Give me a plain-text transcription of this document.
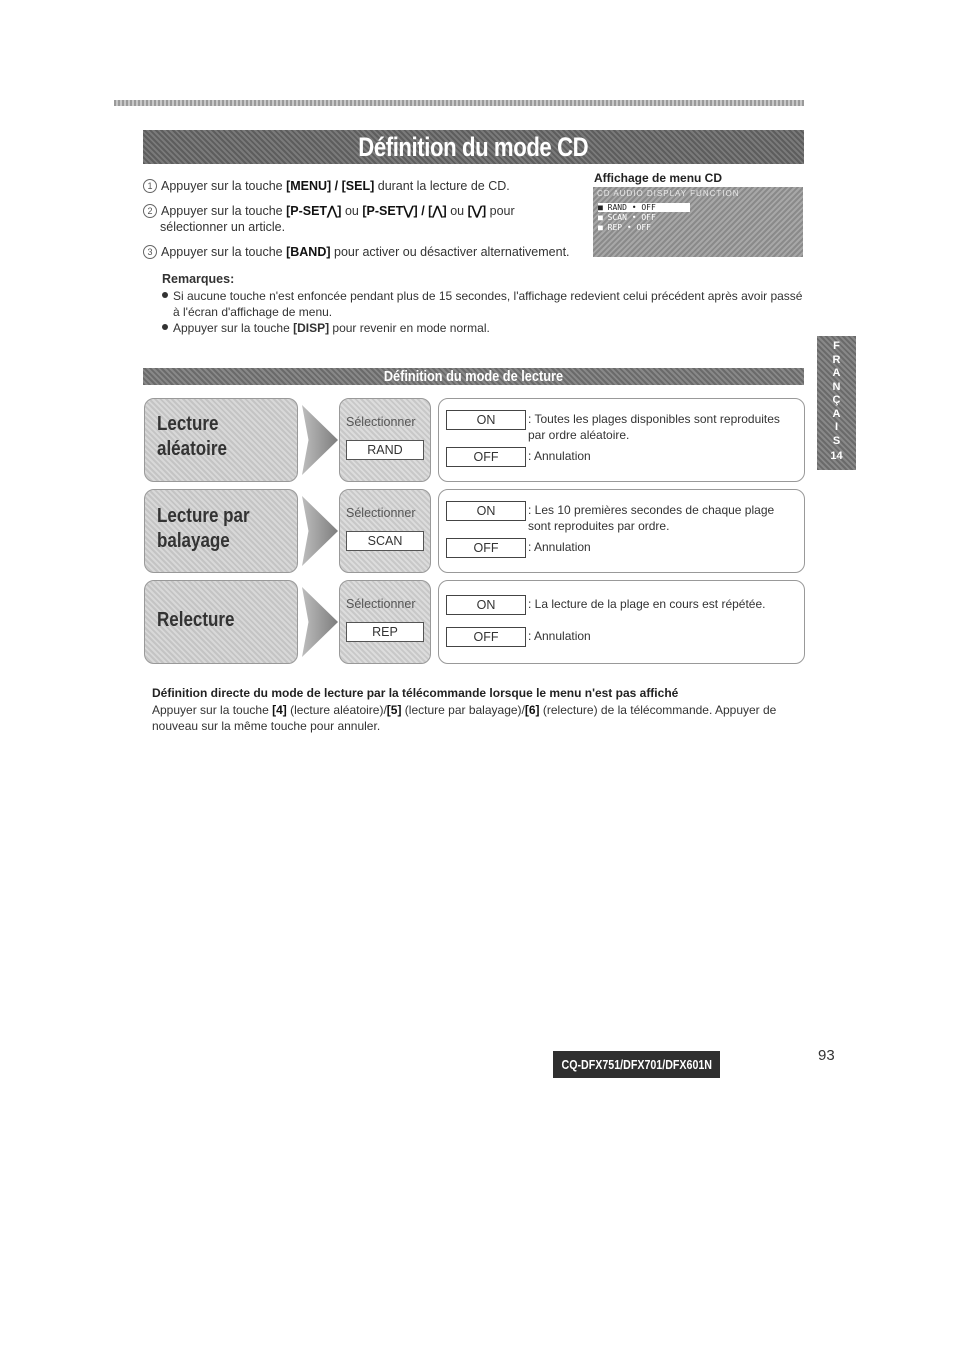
Définition du mode CD
1 Appuyer sur la touche [MENU] / [SEL] durant la lecture de CD.
2 Appuyer sur la touche [P-SET⋀] ou [P-SET⋁] / [⋀] ou [⋁] pour
sélectionner un article.
3 Appuyer sur la touche [BAND] pour activer ou désactiver alternativement.
Affichage de menu CD
CD AUDIO DISPLAY FUNCTION
■ RAND • OFF
■ SCAN • OFF
■ REP • OFF
Remarques:
Si aucune touche n'est enfoncée pendant plus de 15 secondes, l'affichage redevient celui précédent après avoir passé
à l'écran d'affichage de menu.
Appuyer sur la touche [DISP] pour revenir en mode normal.
F
R
A
N
Ç
A
I
S
14
Définition du mode de lecture
Lecture
aléatoire
Sélectionner
RAND
ON	: Toutes les plages disponibles sont reproduites par ordre aléatoire.
OFF	: Annulation
Lecture par
balayage
Sélectionner
SCAN
ON	: Les 10 premières secondes de chaque plage sont reproduites par ordre.
OFF	: Annulation
Relecture
Sélectionner
REP
ON	: La lecture de la plage en cours est répétée.
OFF	: Annulation
Définition directe du mode de lecture par la télécommande lorsque le menu n'est pas affiché
Appuyer sur la touche [4] (lecture aléatoire)/[5] (lecture par balayage)/[6] (relecture) de la télécommande. Appuyer de nouveau sur la même touche pour annuler.
CQ-DFX751/DFX701/DFX601N
93
